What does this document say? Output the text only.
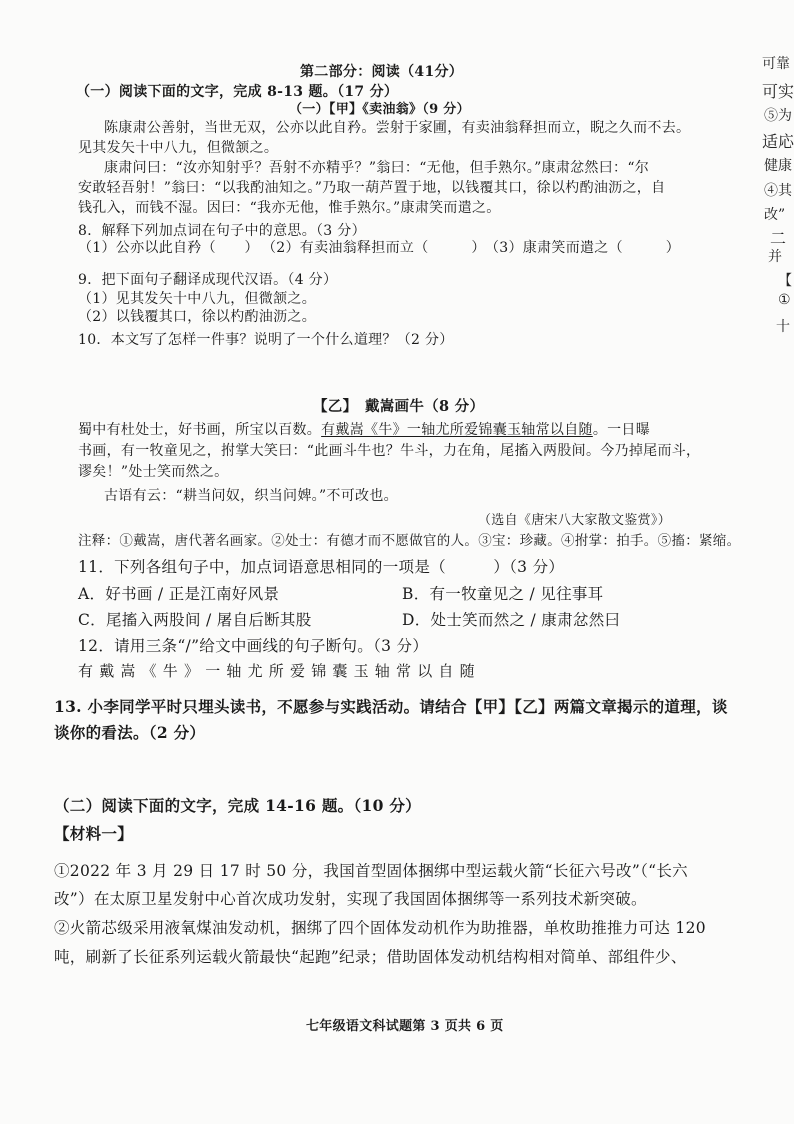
第二部分：阅读（41分）
（一）阅读下面的文字，完成 8-13 题。（17 分）
（一）【甲】《卖油翁》（9 分）
陈康肃公善射，当世无双，公亦以此自矜。尝射于家圃，有卖油翁释担而立，睨之久而不去。
见其发矢十中八九，但微颔之。
康肃问曰：“汝亦知射乎？吾射不亦精乎？”翁曰：“无他，但手熟尔。”康肃忿然曰：“尔
安敢轻吾射！”翁曰：“以我酌油知之。”乃取一葫芦置于地，以钱覆其口，徐以杓酌油沥之，自
钱孔入，而钱不湿。因曰：“我亦无他，惟手熟尔。”康肃笑而遣之。
8．解释下列加点词在句子中的意思。（3 分）
（1）公亦以此自矜（　　） （2）有卖油翁释担而立（　　　） （3）康肃笑而遣之（　　　）
9．把下面句子翻译成现代汉语。（4 分）
（1）见其发矢十中八九，但微颔之。
（2）以钱覆其口，徐以杓酌油沥之。
10．本文写了怎样一件事？说明了一个什么道理？（2 分）
【乙】　戴嵩画牛（8 分）
蜀中有杜处士，好书画，所宝以百数。有戴嵩《牛》一轴尤所爱锦囊玉轴常以自随。一日曝
书画，有一牧童见之，拊掌大笑曰：“此画斗牛也？牛斗，力在角，尾搐入两股间。今乃掉尾而斗，
谬矣！”处士笑而然之。
古语有云：“耕当问奴，织当问婢。”不可改也。
（选自《唐宋八大家散文鉴赏》）
注释：①戴嵩，唐代著名画家。②处士：有德才而不愿做官的人。③宝：珍藏。④拊掌：拍手。⑤搐：紧缩。
11．下列各组句子中，加点词语意思相同的一项是（　　　）（3 分）
A．好书画 / 正是江南好风景	B．有一牧童见之 / 见往事耳
C．尾搐入两股间 / 屠自后断其股	D．处士笑而然之 / 康肃忿然曰
12．请用三条“/”给文中画线的句子断句。（3 分）
有戴嵩《牛》一轴尤所爱锦囊玉轴常以自随
13. 小李同学平时只埋头读书，不愿参与实践活动。请结合【甲】【乙】两篇文章揭示的道理，谈
谈你的看法。（2 分）
（二）阅读下面的文字，完成 14-16 题。（10 分）
【材料一】
①2022 年 3 月 29 日 17 时 50 分，我国首型固体捆绑中型运载火箭“长征六号改”（“长六
改”）在太原卫星发射中心首次成功发射，实现了我国固体捆绑等一系列技术新突破。
②火箭芯级采用液氧煤油发动机，捆绑了四个固体发动机作为助推器，单枚助推推力可达 120
吨，刷新了长征系列运载火箭最快“起跑”纪录；借助固体发动机结构相对简单、部组件少、
七年级语文科试题第 3 页共 6 页
可靠
可实
⑤为
适応
健康
④其
改”
二
并
【
①
十
